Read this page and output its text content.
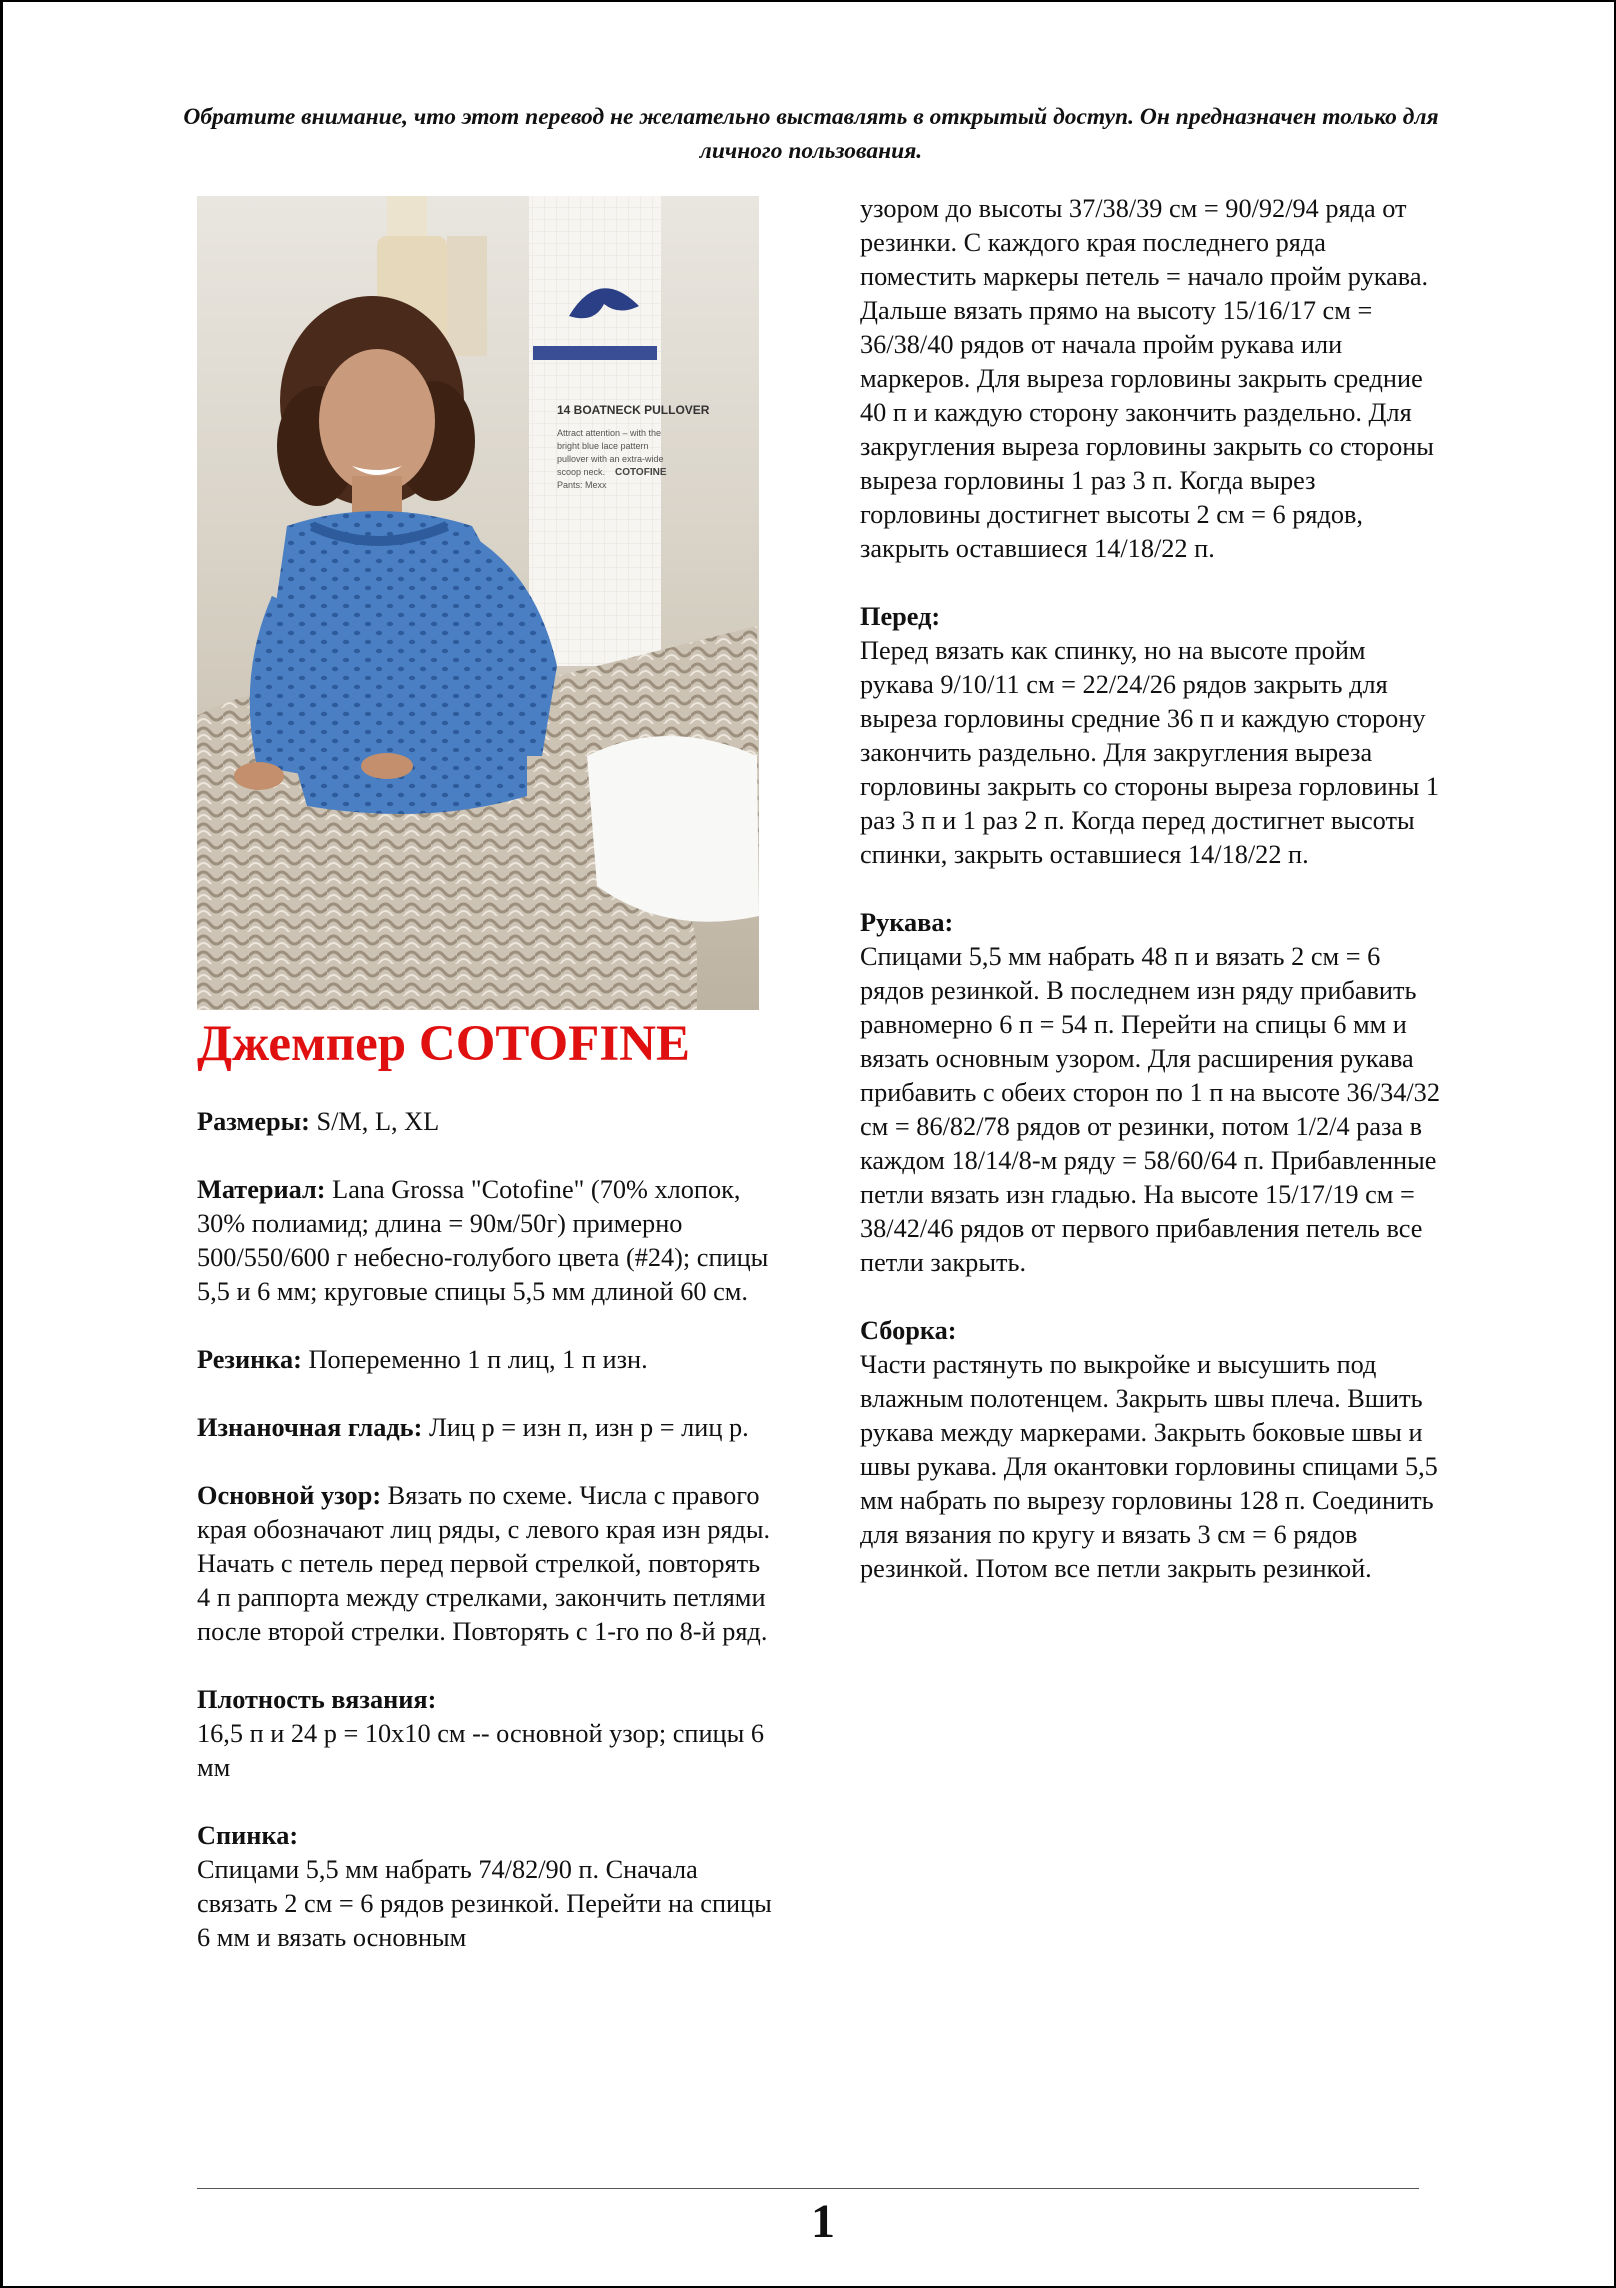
Обратите внимание, что этот перевод не желательно выставлять в открытый доступ. Он предназначен только для личного пользования.
14 BOATNECK PULLOVER
Attract attention – with the
bright blue lace pattern
pullover with an extra-wide
scoop neck. COTOFINE
Pants: Mexx
Джемпер COTOFINE

Размеры: S/M, L, XL

Материал: Lana Grossa "Cotofine" (70% хлопок, 30% полиамид; длина = 90м/50г) примерно 500/550/600 г небесно-голубого цвета (#24); спицы 5,5 и 6 мм; круговые спицы 5,5 мм длиной 60 см.

Резинка: Попеременно 1 п лиц, 1 п изн.

Изнаночная гладь: Лиц р = изн п, изн р = лиц р.

Основной узор: Вязать по схеме. Числа с правого края обозначают лиц ряды, с левого края изн ряды. Начать с петель перед первой стрелкой, повторять 4 п раппорта между стрелками, закончить петлями после второй стрелки. Повторять с 1-го по 8-й ряд.

Плотность вязания:
16,5 п и 24 р = 10x10 см -- основной узор; спицы 6 мм

Спинка:
Спицами 5,5 мм набрать 74/82/90 п. Сначала связать 2 см = 6 рядов резинкой. Перейти на спицы 6 мм и вязать основным

узором до высоты 37/38/39 см = 90/92/94 ряда от резинки. С каждого края последнего ряда поместить маркеры петель = начало пройм рукава. Дальше вязать прямо на высоту 15/16/17 см = 36/38/40 рядов от начала пройм рукава или маркеров. Для выреза горловины закрыть средние 40 п и каждую сторону закончить раздельно. Для закругления выреза горловины закрыть со стороны выреза горловины 1 раз 3 п. Когда вырез горловины достигнет высоты 2 см = 6 рядов, закрыть оставшиеся 14/18/22 п.

Перед:
Перед вязать как спинку, но на высоте пройм рукава 9/10/11 см = 22/24/26 рядов закрыть для выреза горловины средние 36 п и каждую сторону закончить раздельно. Для закругления выреза горловины закрыть со стороны выреза горловины 1 раз 3 п и 1 раз 2 п. Когда перед достигнет высоты спинки, закрыть оставшиеся 14/18/22 п.

Рукава:
Спицами 5,5 мм набрать 48 п и вязать 2 см = 6 рядов резинкой. В последнем изн ряду прибавить равномерно 6 п = 54 п. Перейти на спицы 6 мм и вязать основным узором. Для расширения рукава прибавить с обеих сторон по 1 п на высоте 36/34/32 см = 86/82/78 рядов от резинки, потом 1/2/4 раза в каждом 18/14/8-м ряду = 58/60/64 п. Прибавленные петли вязать изн гладью. На высоте 15/17/19 см = 38/42/46 рядов от первого прибавления петель все петли закрыть.

Сборка:
Части растянуть по выкройке и высушить под влажным полотенцем. Закрыть швы плеча. Вшить рукава между маркерами. Закрыть боковые швы и швы рукава. Для окантовки горловины спицами 5,5 мм набрать по вырезу горловины 128 п. Соединить для вязания по кругу и вязать 3 см = 6 рядов резинкой. Потом все петли закрыть резинкой.

1
